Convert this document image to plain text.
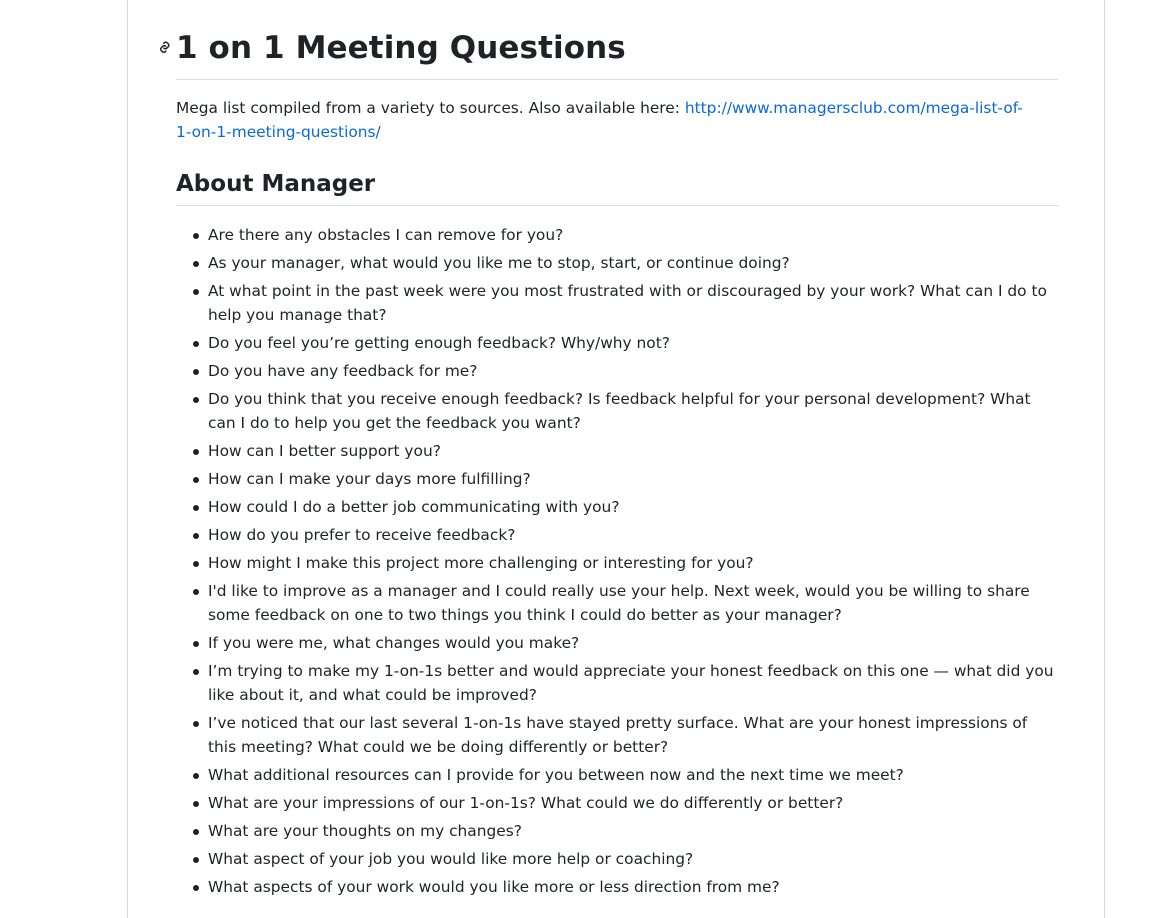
1 on 1 Meeting Questions

Mega list compiled from a variety to sources. Also available here: http://www.managersclub.com/mega-list-of-1-on-1-meeting-questions/

About Manager
Are there any obstacles I can remove for you?
As your manager, what would you like me to stop, start, or continue doing?
At what point in the past week were you most frustrated with or discouraged by your work? What can I do to help you manage that?
Do you feel you’re getting enough feedback? Why/why not?
Do you have any feedback for me?
Do you think that you receive enough feedback? Is feedback helpful for your personal development? What can I do to help you get the feedback you want?
How can I better support you?
How can I make your days more fulfilling?
How could I do a better job communicating with you?
How do you prefer to receive feedback?
How might I make this project more challenging or interesting for you?
I'd like to improve as a manager and I could really use your help. Next week, would you be willing to share some feedback on one to two things you think I could do better as your manager?
If you were me, what changes would you make?
I’m trying to make my 1-on-1s better and would appreciate your honest feedback on this one — what did you like about it, and what could be improved?
I’ve noticed that our last several 1-on-1s have stayed pretty surface. What are your honest impressions of this meeting? What could we be doing differently or better?
What additional resources can I provide for you between now and the next time we meet?
What are your impressions of our 1-on-1s? What could we do differently or better?
What are your thoughts on my changes?
What aspect of your job you would like more help or coaching?
What aspects of your work would you like more or less direction from me?
